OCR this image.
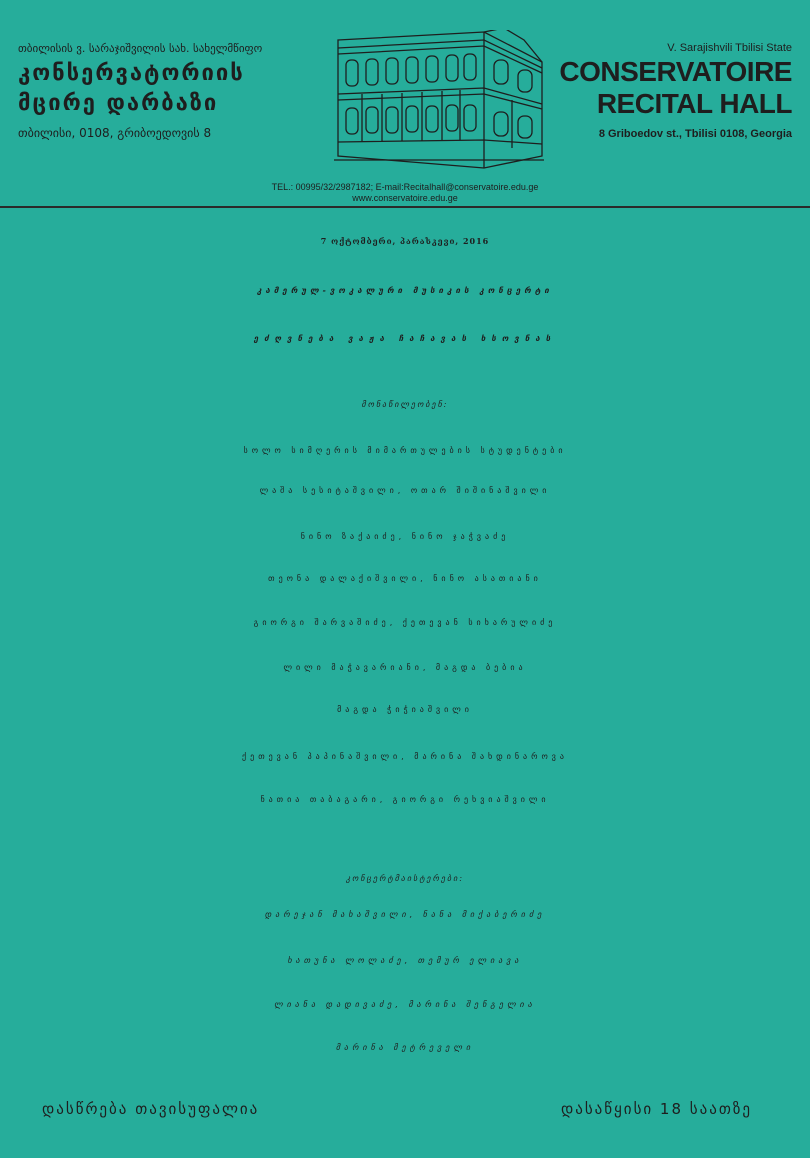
თბილისის ვ. სარაჯიშვილის სახ. სახელმწიფო
კონსერვატორიის
მცირე დარბაზი
თბილისი, 0108, გრიბოედოვის 8
V. Sarajishvili Tbilisi State
CONSERVATOIRE
RECITAL HALL
8 Griboedov st., Tbilisi 0108, Georgia
TEL.: 00995/32/2987182; E-mail:Recitalhall@conservatoire.edu.ge
www.conservatoire.edu.ge
7 ოქტომბერი, პარასკევი, 2016
კამერულ-ვოკალური მუსიკის კონცერტი
ეძღვნება ვაჟა ჩაჩავას ხსოვნას
მონაწილეობენ:
სოლო სიმღერის მიმართულების სტუდენტები
ლაშა სესიტაშვილი, ოთარ შიშინაშვილი
ნინო ზაქაიძე, ნინო ჯაჭვაძე
თეონა დალაქიშვილი, ნინო ასათიანი
გიორგი შარვაშიძე, ქეთევან სიხარულიძე
ლილი მაჭავარიანი, მაგდა ბებია
მაგდა ჭიჭიაშვილი
ქეთევან პაპინაშვილი, მარინა შახდინაროვა
ნათია თაბაგარი, გიორგი რეხვიაშვილი
კონცერტმაისტერები:
დარეჯან მახაშვილი, ნანა მიქაბერიძე
ხათუნა ლოლაძე, თემურ ელიავა
ლიანა დადივაძე, მარინა შენგელია
მარინა მეტრეველი
დასწრება თავისუფალია	დასაწყისი 18 საათზე
